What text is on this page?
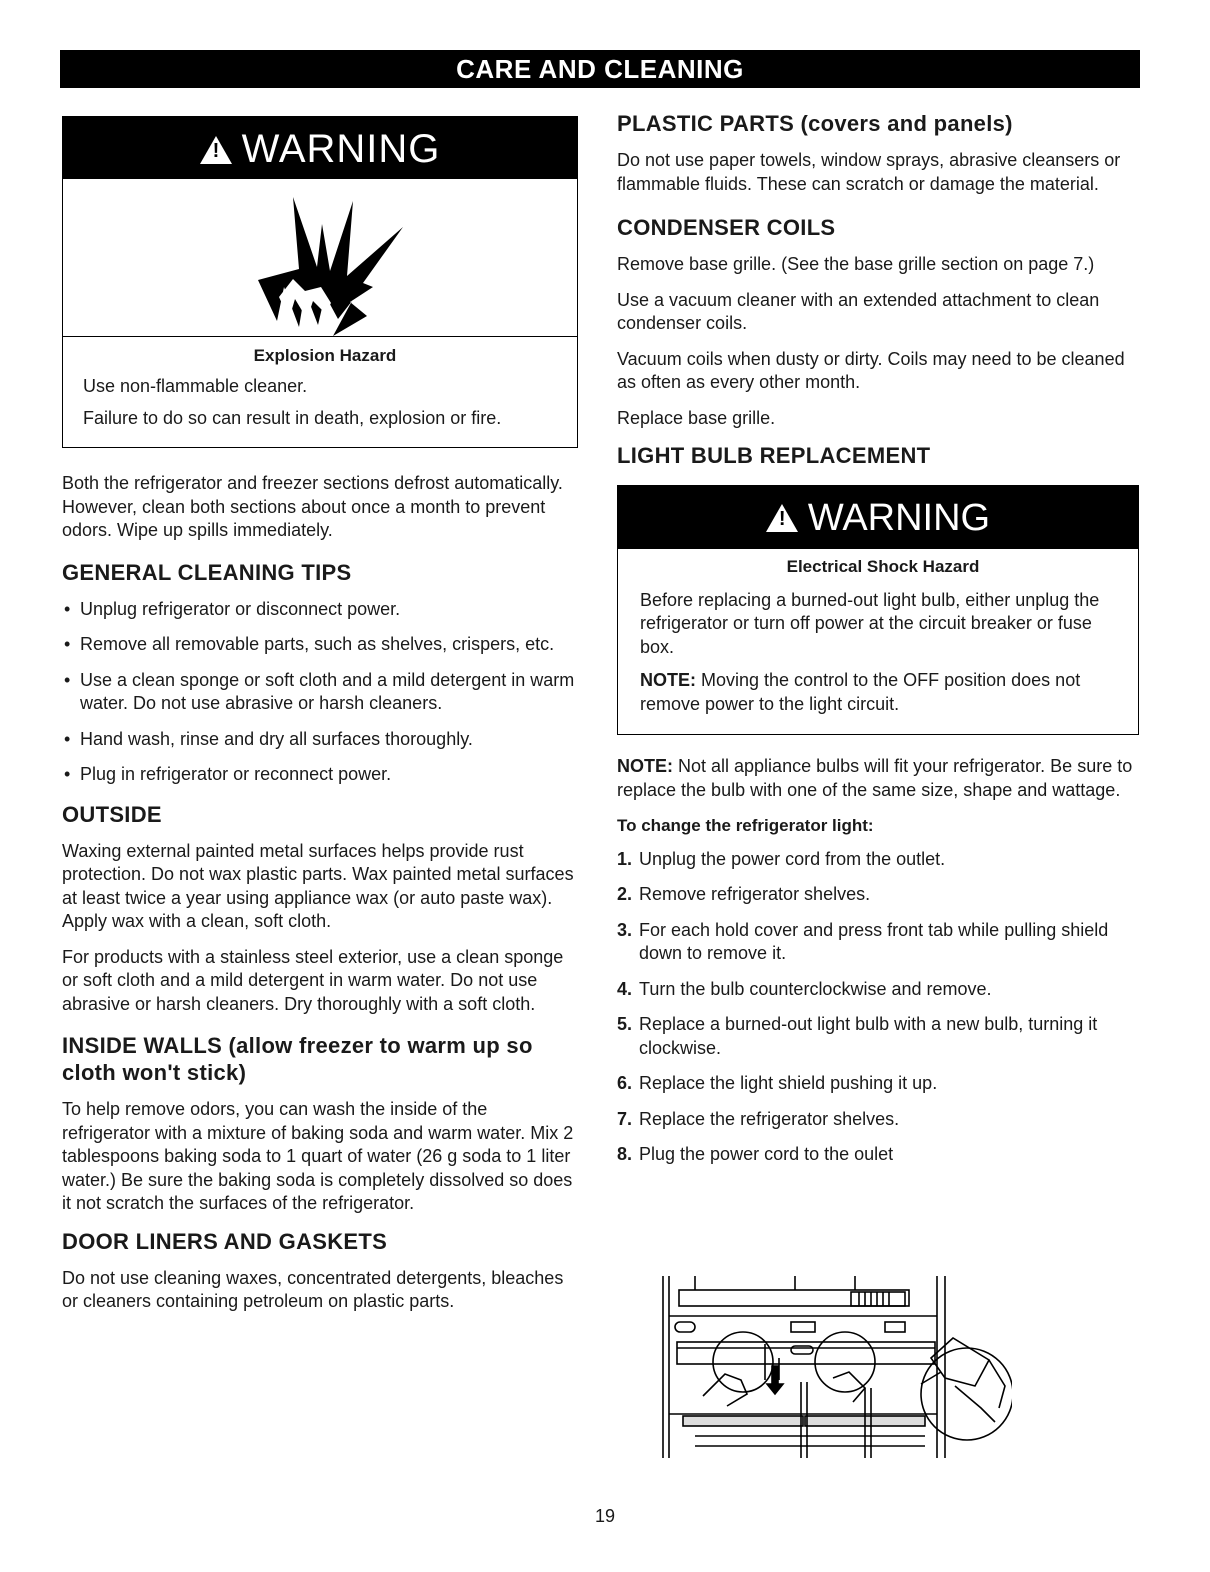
CARE AND CLEANING
! WARNING
Explosion Hazard

Use non-flammable cleaner.

Failure to do so can result in death, explosion or fire.

Both the refrigerator and freezer sections defrost automatically. However, clean both sections about once a month to prevent odors. Wipe up spills immediately.

GENERAL CLEANING TIPS
• Unplug refrigerator or disconnect power.
• Remove all removable parts, such as shelves, crispers, etc.
• Use a clean sponge or soft cloth and a mild detergent in warm water. Do not use abrasive or harsh cleaners.
• Hand wash, rinse and dry all surfaces thoroughly.
• Plug in refrigerator or reconnect power.
OUTSIDE

Waxing external painted metal surfaces helps provide rust protection. Do not wax plastic parts. Wax painted metal surfaces at least twice a year using appliance wax (or auto paste wax). Apply wax with a clean, soft cloth.

For products with a stainless steel exterior, use a clean sponge or soft cloth and a mild detergent in warm water. Do not use abrasive or harsh cleaners. Dry thoroughly with a soft cloth.

INSIDE WALLS (allow freezer to warm up so cloth won't stick)

To help remove odors, you can wash the inside of the refrigerator with a mixture of baking soda and warm water. Mix 2 tablespoons baking soda to 1 quart of water (26 g soda to 1 liter water.) Be sure the baking soda is completely dissolved so does it not scratch the surfaces of the refrigerator.

DOOR LINERS AND GASKETS

Do not use cleaning waxes, concentrated detergents, bleaches or cleaners containing petroleum on plastic parts.

PLASTIC PARTS (covers and panels)

Do not use paper towels, window sprays, abrasive cleansers or flammable fluids. These can scratch or damage the material.

CONDENSER COILS

Remove base grille. (See the base grille section on page 7.)

Use a vacuum cleaner with an extended attachment to clean condenser coils.

Vacuum coils when dusty or dirty. Coils may need to be cleaned as often as every other month.

Replace base grille.

LIGHT BULB REPLACEMENT
! WARNING
Electrical Shock Hazard

Before replacing a burned-out light bulb, either unplug the refrigerator or turn off power at the circuit breaker or fuse box.

NOTE: Moving the control to the OFF position does not remove power to the light circuit.

NOTE: Not all appliance bulbs will fit your refrigerator. Be sure to replace the bulb with one of the same size, shape and wattage.

To change the refrigerator light:

1. Unplug the power cord from the outlet.
2. Remove refrigerator shelves.
3. For each hold cover and press front tab while pulling shield down to remove it.
4. Turn the bulb counterclockwise and remove.
5. Replace a burned-out light bulb with a new bulb, turning it clockwise.
6. Replace the light shield pushing it up.
7. Replace the refrigerator shelves.
8. Plug the power cord to the oulet
19
